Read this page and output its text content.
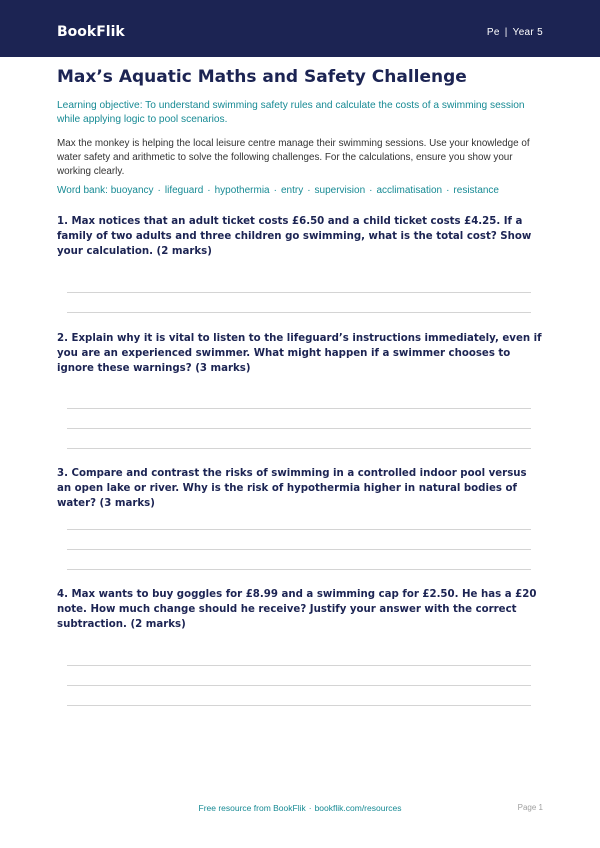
BookFlik	Pe | Year 5
Max’s Aquatic Maths and Safety Challenge

Learning objective: To understand swimming safety rules and calculate the costs of a swimming session while applying logic to pool scenarios.

Max the monkey is helping the local leisure centre manage their swimming sessions. Use your knowledge of water safety and arithmetic to solve the following challenges. For the calculations, ensure you show your working clearly.

Word bank: buoyancy · lifeguard · hypothermia · entry · supervision · acclimatisation · resistance

1. Max notices that an adult ticket costs £6.50 and a child ticket costs £4.25. If a family of two adults and three children go swimming, what is the total cost? Show your calculation. (2 marks)

2. Explain why it is vital to listen to the lifeguard’s instructions immediately, even if you are an experienced swimmer. What might happen if a swimmer chooses to ignore these warnings? (3 marks)

3. Compare and contrast the risks of swimming in a controlled indoor pool versus an open lake or river. Why is the risk of hypothermia higher in natural bodies of water? (3 marks)

4. Max wants to buy goggles for £8.99 and a swimming cap for £2.50. He has a £20 note. How much change should he receive? Justify your answer with the correct subtraction. (2 marks)

Free resource from BookFlik · bookflik.com/resources	Page 1
